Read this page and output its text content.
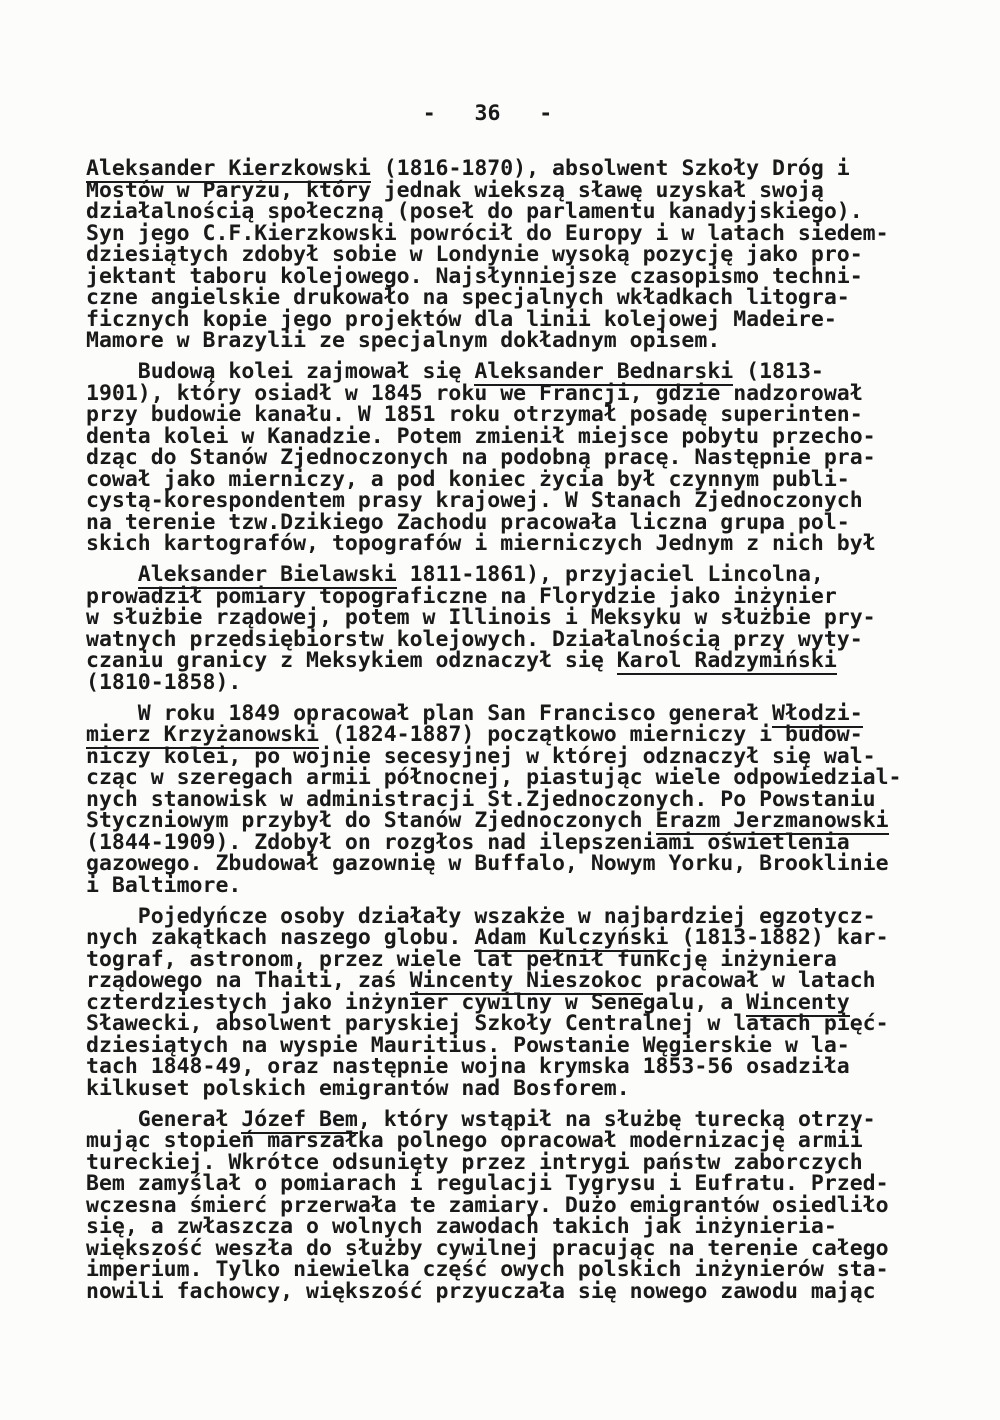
-   36   -
Aleksander Kierzkowski (1816-1870), absolwent Szkoły Dróg i
Mostów w Paryżu, który jednak wiekszą sławę uzyskał swoją
działalnością społeczną (poseł do parlamentu kanadyjskiego).
Syn jego C.F.Kierzkowski powrócił do Europy i w latach siedem-
dziesiątych zdobył sobie w Londynie wysoką pozycję jako pro-
jektant taboru kolejowego. Najsłynniejsze czasopismo techni-
czne angielskie drukowało na specjalnych wkładkach litogra-
ficznych kopie jego projektów dla linii kolejowej Madeire-
Mamore w Brazylii ze specjalnym dokładnym opisem.
Budową kolei zajmował się Aleksander Bednarski (1813-
1901), który osiadł w 1845 roku we Francji, gdzie nadzorował
przy budowie kanału. W 1851 roku otrzymał posadę superinten-
denta kolei w Kanadzie. Potem zmienił miejsce pobytu przecho-
dząc do Stanów Zjednoczonych na podobną pracę. Następnie pra-
cował jako mierniczy, a pod koniec życia był czynnym publi-
cystą-korespondentem prasy krajowej. W Stanach Zjednoczonych
na terenie tzw.Dzikiego Zachodu pracowała liczna grupa pol-
skich kartografów, topografów i mierniczych Jednym z nich był
Aleksander Bielawski 1811-1861), przyjaciel Lincolna,
prowadził pomiary topograficzne na Florydzie jako inżynier
w służbie rządowej, potem w Illinois i Meksyku w służbie pry-
watnych przedsiębiorstw kolejowych. Działalnością przy wyty-
czaniu granicy z Meksykiem odznaczył się Karol Radzymiński
(1810-1858).
W roku 1849 opracował plan San Francisco generał Włodzi-
mierz Krzyżanowski (1824-1887) początkowo mierniczy i budow-
niczy kolei, po wojnie secesyjnej w której odznaczył się wal-
cząc w szeregach armii północnej, piastując wiele odpowiedzial-
nych stanowisk w administracji St.Zjednoczonych. Po Powstaniu
Styczniowym przybył do Stanów Zjednoczonych Erazm Jerzmanowski
(1844-1909). Zdobył on rozgłos nad ilepszeniami oświetlenia
gazowego. Zbudował gazownię w Buffalo, Nowym Yorku, Brooklinie
i Baltimore.
Pojedyńcze osoby działały wszakże w najbardziej egzotycz-
nych zakątkach naszego globu. Adam Kulczyński (1813-1882) kar-
tograf, astronom, przez wiele lat pełnił funkcję inżyniera
rządowego na Thaiti, zaś Wincenty Nieszokoc pracował w latach
czterdziestych jako inżynier cywilny w Senegalu, a Wincenty
Sławecki, absolwent paryskiej Szkoły Centralnej w latach pięć-
dziesiątych na wyspie Mauritius. Powstanie Węgierskie w la-
tach 1848-49, oraz następnie wojna krymska 1853-56 osadziła
kilkuset polskich emigrantów nad Bosforem.
Generał Józef Bem, który wstąpił na służbę turecką otrzy-
mując stopień marszałka polnego opracował modernizację armii
tureckiej. Wkrótce odsunięty przez intrygi państw zaborczych
Bem zamyślał o pomiarach i regulacji Tygrysu i Eufratu. Przed-
wczesna śmierć przerwała te zamiary. Dużo emigrantów osiedliło
się, a zwłaszcza o wolnych zawodach takich jak inżynieria-
większość weszła do służby cywilnej pracując na terenie całego
imperium. Tylko niewielka część owych polskich inżynierów sta-
nowili fachowcy, większość przyuczała się nowego zawodu mając
